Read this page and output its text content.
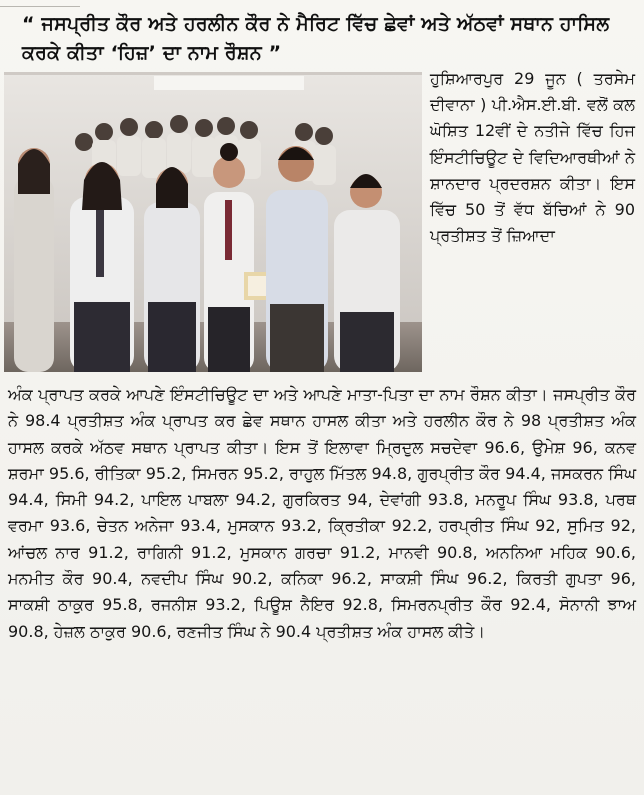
“ ਜਸਪ੍ਰੀਤ ਕੌਰ ਅਤੇ ਹਰਲੀਨ ਕੌਰ ਨੇ ਮੈਰਿਟ ਵਿੱਚ ਛੇਵਾਂ ਅਤੇ ਅੱਠਵਾਂ ਸਥਾਨ ਹਾਸਿਲ ਕਰਕੇ ਕੀਤਾ ‘ਹਿਜ਼’ ਦਾ ਨਾਮ ਰੌਸ਼ਨ ”
ਹੁਸ਼ਿਆਰਪੁਰ 29 ਜੂਨ ( ਤਰਸੇਮ ਦੀਵਾਨਾ ) ਪੀ.ਐਸ.ਈ.ਬੀ. ਵਲੋਂ ਕਲ ਘੋਸ਼ਿਤ 12ਵੀਂ ਦੇ ਨਤੀਜੇ ਵਿੱਚ ਹਿਜ ਇੰਸਟੀਚਿਊਟ ਦੇ ਵਿਦਿਆਰਥੀਆਂ ਨੇ ਸ਼ਾਨਦਾਰ ਪ੍ਰਦਰਸ਼ਨ ਕੀਤਾ। ਇਸ ਵਿੱਚ 50 ਤੋਂ ਵੱਧ ਬੱਚਿਆਂ ਨੇ 90 ਪ੍ਰਤੀਸ਼ਤ ਤੋਂ ਜ਼ਿਆਦਾ
ਅੰਕ ਪ੍ਰਾਪਤ ਕਰਕੇ ਆਪਣੇ ਇੰਸਟੀਚਿਊਟ ਦਾ ਅਤੇ ਆਪਣੇ ਮਾਤਾ-ਪਿਤਾ ਦਾ ਨਾਮ ਰੌਸ਼ਨ ਕੀਤਾ। ਜਸਪ੍ਰੀਤ ਕੌਰ ਨੇ 98.4 ਪ੍ਰਤੀਸ਼ਤ ਅੰਕ ਪ੍ਰਾਪਤ ਕਰ ਛੇਵ ਸਥਾਨ ਹਾਸਲ ਕੀਤਾ ਅਤੇ ਹਰਲੀਨ ਕੌਰ ਨੇ 98 ਪ੍ਰਤੀਸ਼ਤ ਅੰਕ ਹਾਸਲ ਕਰਕੇ ਅੱਠਵ ਸਥਾਨ ਪ੍ਰਾਪਤ ਕੀਤਾ। ਇਸ ਤੋਂ ਇਲਾਵਾ ਮ੍ਰਿਦੁਲ ਸਚਦੇਵਾ 96.6, ਉਮੇਸ਼ 96, ਕਨਵ ਸ਼ਰਮਾ 95.6, ਰੀਤਿਕਾ 95.2, ਸਿਮਰਨ 95.2, ਰਾਹੁਲ ਮਿੱਤਲ 94.8, ਗੁਰਪ੍ਰੀਤ ਕੌਰ 94.4, ਜਸਕਰਨ ਸਿੰਘ 94.4, ਸਿਮੀ 94.2, ਪਾਇਲ ਪਾਬਲਾ 94.2, ਗੁਰਕਿਰਤ 94, ਦੇਵਾਂਗੀ 93.8, ਮਨਰੂਪ ਸਿੰਘ 93.8, ਪਰਥ ਵਰਮਾ 93.6, ਚੇਤਨ ਅਨੇਜਾ 93.4, ਮੁਸਕਾਨ 93.2, ਕ੍ਰਿਤੀਕਾ 92.2, ਹਰਪ੍ਰੀਤ ਸਿੰਘ 92, ਸੁਮਿਤ 92, ਆਂਚਲ ਨਾਰ 91.2, ਰਾਗਿਨੀ 91.2, ਮੁਸਕਾਨ ਗਰਚਾ 91.2, ਮਾਨਵੀ 90.8, ਅਨਨਿਆ ਮਹਿਕ 90.6, ਮਨਮੀਤ ਕੌਰ 90.4, ਨਵਦੀਪ ਸਿੰਘ 90.2, ਕਨਿਕਾ 96.2, ਸਾਕਸ਼ੀ ਸਿੰਘ 96.2, ਕਿਰਤੀ ਗੁਪਤਾ 96, ਸਾਕਸ਼ੀ ਠਾਕੁਰ 95.8, ਰਜਨੀਸ਼ 93.2, ਪਿਊਸ਼ ਨੈਇਰ 92.8, ਸਿਮਰਨਪ੍ਰੀਤ ਕੌਰ 92.4, ਸੋਨਾਨੀ ਝਾਅ 90.8, ਹੇਜ਼ਲ ਠਾਕੁਰ 90.6, ਰਣਜੀਤ ਸਿੰਘ ਨੇ 90.4 ਪ੍ਰਤੀਸ਼ਤ ਅੰਕ ਹਾਸਲ ਕੀਤੇ।
